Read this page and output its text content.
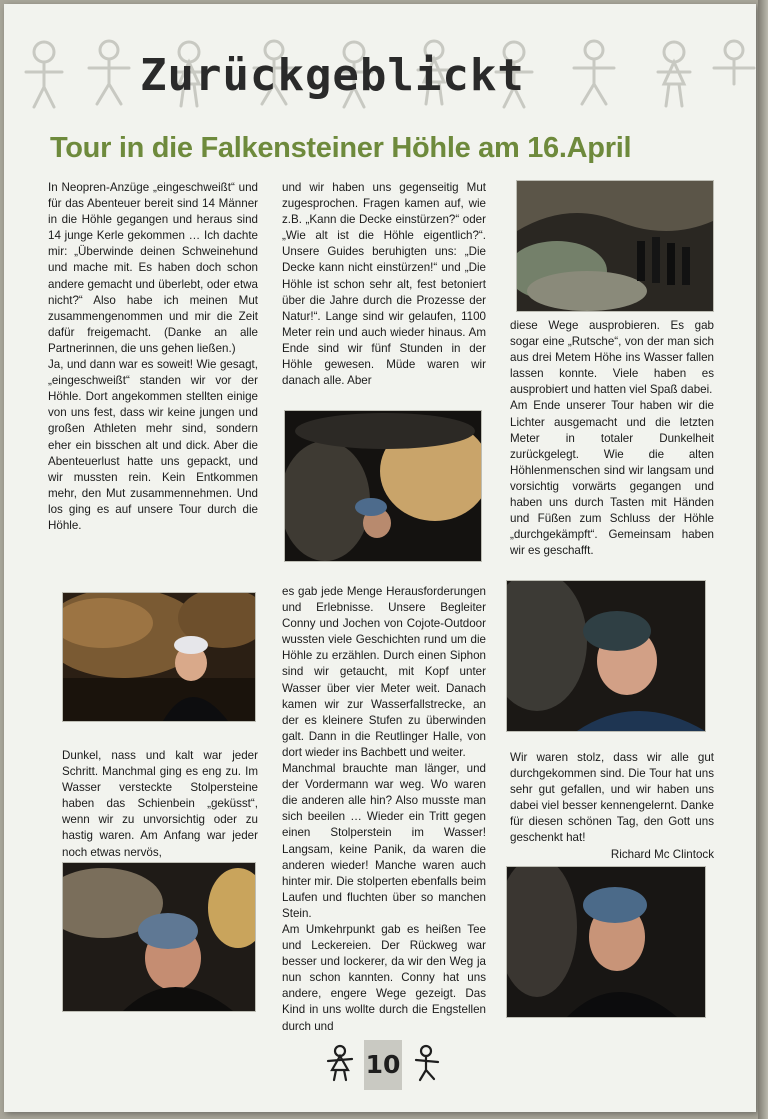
Zurückgeblickt
Tour in die Falkensteiner Höhle am 16.April

In Neopren-Anzüge „eingeschweißt“ und für das Abenteuer bereit sind 14 Männer in die Höhle gegangen und heraus sind 14 junge Kerle gekommen … Ich dachte mir: „Überwinde deinen Schweinehund und mache mit. Es haben doch schon andere gemacht und überlebt, oder etwa nicht?“ Also habe ich meinen Mut zusammengenommen und mir die Zeit dafür freigemacht. (Danke an alle Partnerinnen, die uns gehen ließen.)

Ja, und dann war es soweit! Wie gesagt, „eingeschweißt“ standen wir vor der Höhle. Dort angekommen stellten einige von uns fest, dass wir keine jungen und großen Athleten mehr sind, sondern eher ein bisschen alt und dick. Aber die Abenteuerlust hatte uns gepackt, und wir mussten rein. Kein Entkommen mehr, den Mut zusammennehmen. Und los ging es auf unsere Tour durch die Höhle.

Dunkel, nass und kalt war jeder Schritt. Manchmal ging es eng zu. Im Wasser versteckte Stolpersteine haben das Schienbein „geküsst“, wenn wir zu unvorsichtig oder zu hastig waren. Am Anfang war jeder noch etwas nervös,

und wir haben uns gegenseitig Mut zugesprochen. Fragen kamen auf, wie z.B. „Kann die Decke einstürzen?“ oder „Wie alt ist die Höhle eigentlich?“. Unsere Guides beruhigten uns: „Die Decke kann nicht einstürzen!“ und „Die Höhle ist schon sehr alt, fest betoniert über die Jahre durch die Prozesse der Natur!“. Lange sind wir gelaufen, 1100 Meter rein und auch wieder hinaus. Am Ende sind wir fünf Stunden in der Höhle gewesen. Müde waren wir danach alle. Aber

es gab jede Menge Herausforderungen und Erlebnisse. Unsere Begleiter Conny und Jochen von Cojote-Outdoor wussten viele Geschichten rund um die Höhle zu erzählen. Durch einen Siphon sind wir getaucht, mit Kopf unter Wasser über vier Meter weit. Danach kamen wir zur Wasserfallstrecke, an der es kleinere Stufen zu überwinden galt. Dann in die Reutlinger Halle, von dort wieder ins Bachbett und weiter.

Manchmal brauchte man länger, und der Vordermann war weg. Wo waren die anderen alle hin? Also musste man sich beeilen … Wieder ein Tritt gegen einen Stolperstein im Wasser! Langsam, keine Panik, da waren die anderen wieder! Manche waren auch hinter mir. Die stolperten ebenfalls beim Laufen und fluchten über so manchen Stein.

Am Umkehrpunkt gab es heißen Tee und Leckereien. Der Rückweg war besser und lockerer, da wir den Weg ja nun schon kannten. Conny hat uns andere, engere Wege gezeigt. Das Kind in uns wollte durch die Engstellen durch und

diese Wege ausprobieren. Es gab sogar eine „Rutsche“, von der man sich aus drei Metem Höhe ins Wasser fallen lassen konnte. Viele haben es ausprobiert und hatten viel Spaß dabei.

Am Ende unserer Tour haben wir die Lichter ausgemacht und die letzten Meter in totaler Dunkelheit zurückgelegt. Wie die alten Höhlenmenschen sind wir langsam und vorsichtig vorwärts gegangen und haben uns durch Tasten mit Händen und Füßen zum Schluss der Höhle „durchgekämpft“. Gemeinsam haben wir es geschafft.

Wir waren stolz, dass wir alle gut durchgekommen sind. Die Tour hat uns sehr gut gefallen, und wir haben uns dabei viel besser kennengelernt. Danke für diesen schönen Tag, den Gott uns geschenkt hat!

Richard Mc Clintock
10
